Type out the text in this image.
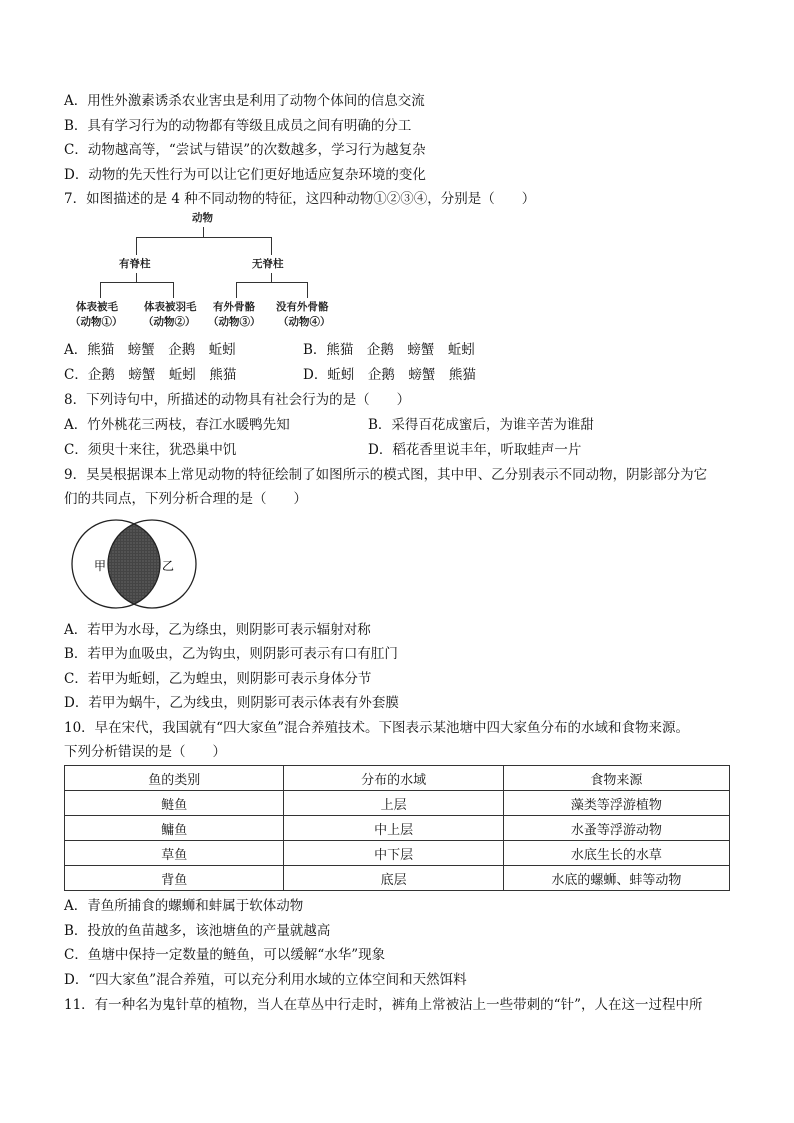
A．用性外激素诱杀农业害虫是利用了动物个体间的信息交流
B．具有学习行为的动物都有等级且成员之间有明确的分工
C．动物越高等，“尝试与错误”的次数越多，学习行为越复杂
D．动物的先天性行为可以让它们更好地适应复杂环境的变化
7．如图描述的是 4 种不同动物的特征，这四种动物①②③④，分别是（　　）
动物
有脊柱	无脊柱
体表被毛
（动物①）
体表被羽毛
（动物②）
有外骨骼
（动物③）
没有外骨骼
（动物④）
A．熊猫　螃蟹　企鹅　蚯蚓	B．熊猫　企鹅　螃蟹　蚯蚓
C．企鹅　螃蟹　蚯蚓　熊猫	D．蚯蚓　企鹅　螃蟹　熊猫
8．下列诗句中，所描述的动物具有社会行为的是（　　）
A．竹外桃花三两枝，春江水暖鸭先知	B．采得百花成蜜后，为谁辛苦为谁甜
C．须臾十来往，犹恐巢中饥	D．稻花香里说丰年，听取蛙声一片
9．昊昊根据课本上常见动物的特征绘制了如图所示的模式图，其中甲、乙分别表示不同动物，阴影部分为它
们的共同点，下列分析合理的是（　　）
甲	乙
A．若甲为水母，乙为绦虫，则阴影可表示辐射对称
B．若甲为血吸虫，乙为钩虫，则阴影可表示有口有肛门
C．若甲为蚯蚓，乙为蝗虫，则阴影可表示身体分节
D．若甲为蜗牛，乙为线虫，则阴影可表示体表有外套膜
10．早在宋代，我国就有“四大家鱼”混合养殖技术。下图表示某池塘中四大家鱼分布的水域和食物来源。
下列分析错误的是（　　）
鱼的类别	分布的水域	食物来源
鲢鱼	上层	藻类等浮游植物
鳙鱼	中上层	水蚤等浮游动物
草鱼	中下层	水底生长的水草
背鱼	底层	水底的螺蛳、蚌等动物
A．青鱼所捕食的螺蛳和蚌属于软体动物
B．投放的鱼苗越多，该池塘鱼的产量就越高
C．鱼塘中保持一定数量的鲢鱼，可以缓解“水华”现象
D．“四大家鱼”混合养殖，可以充分利用水域的立体空间和天然饵料
11．有一种名为鬼针草的植物，当人在草丛中行走时，裤角上常被沾上一些带刺的“针”，人在这一过程中所
